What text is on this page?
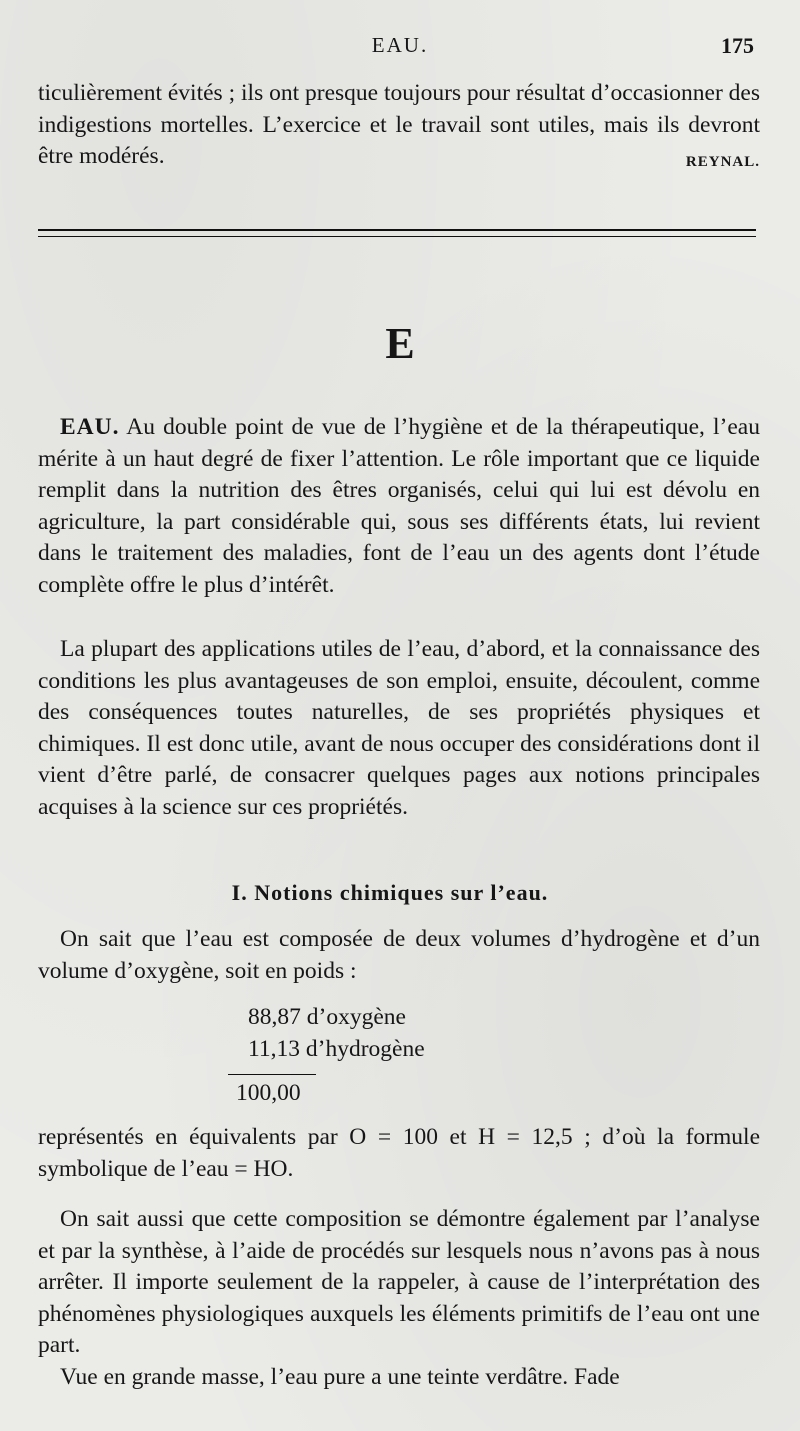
EAU.	175

ticulièrement évités ; ils ont presque toujours pour résultat d’occasionner des indigestions mortelles. L’exercice et le travail sont utiles, mais ils devront être modérés.	REYNAL.

E

EAU. Au double point de vue de l’hygiène et de la thérapeutique, l’eau mérite à un haut degré de fixer l’attention. Le rôle important que ce liquide remplit dans la nutrition des êtres organisés, celui qui lui est dévolu en agriculture, la part considérable qui, sous ses différents états, lui revient dans le traitement des maladies, font de l’eau un des agents dont l’étude complète offre le plus d’intérêt.

La plupart des applications utiles de l’eau, d’abord, et la connaissance des conditions les plus avantageuses de son emploi, ensuite, découlent, comme des conséquences toutes naturelles, de ses propriétés physiques et chimiques. Il est donc utile, avant de nous occuper des considérations dont il vient d’être parlé, de consacrer quelques pages aux notions principales acquises à la science sur ces propriétés.

I. Notions chimiques sur l’eau.

On sait que l’eau est composée de deux volumes d’hydrogène et d’un volume d’oxygène, soit en poids :

88,87 d’oxygène
11,13 d’hydrogène
100,00

représentés en équivalents par O = 100 et H = 12,5 ; d’où la formule symbolique de l’eau = HO.

On sait aussi que cette composition se démontre également par l’analyse et par la synthèse, à l’aide de procédés sur lesquels nous n’avons pas à nous arrêter. Il importe seulement de la rappeler, à cause de l’interprétation des phénomènes physiologiques auxquels les éléments primitifs de l’eau ont une part.

Vue en grande masse, l’eau pure a une teinte verdâtre. Fade
